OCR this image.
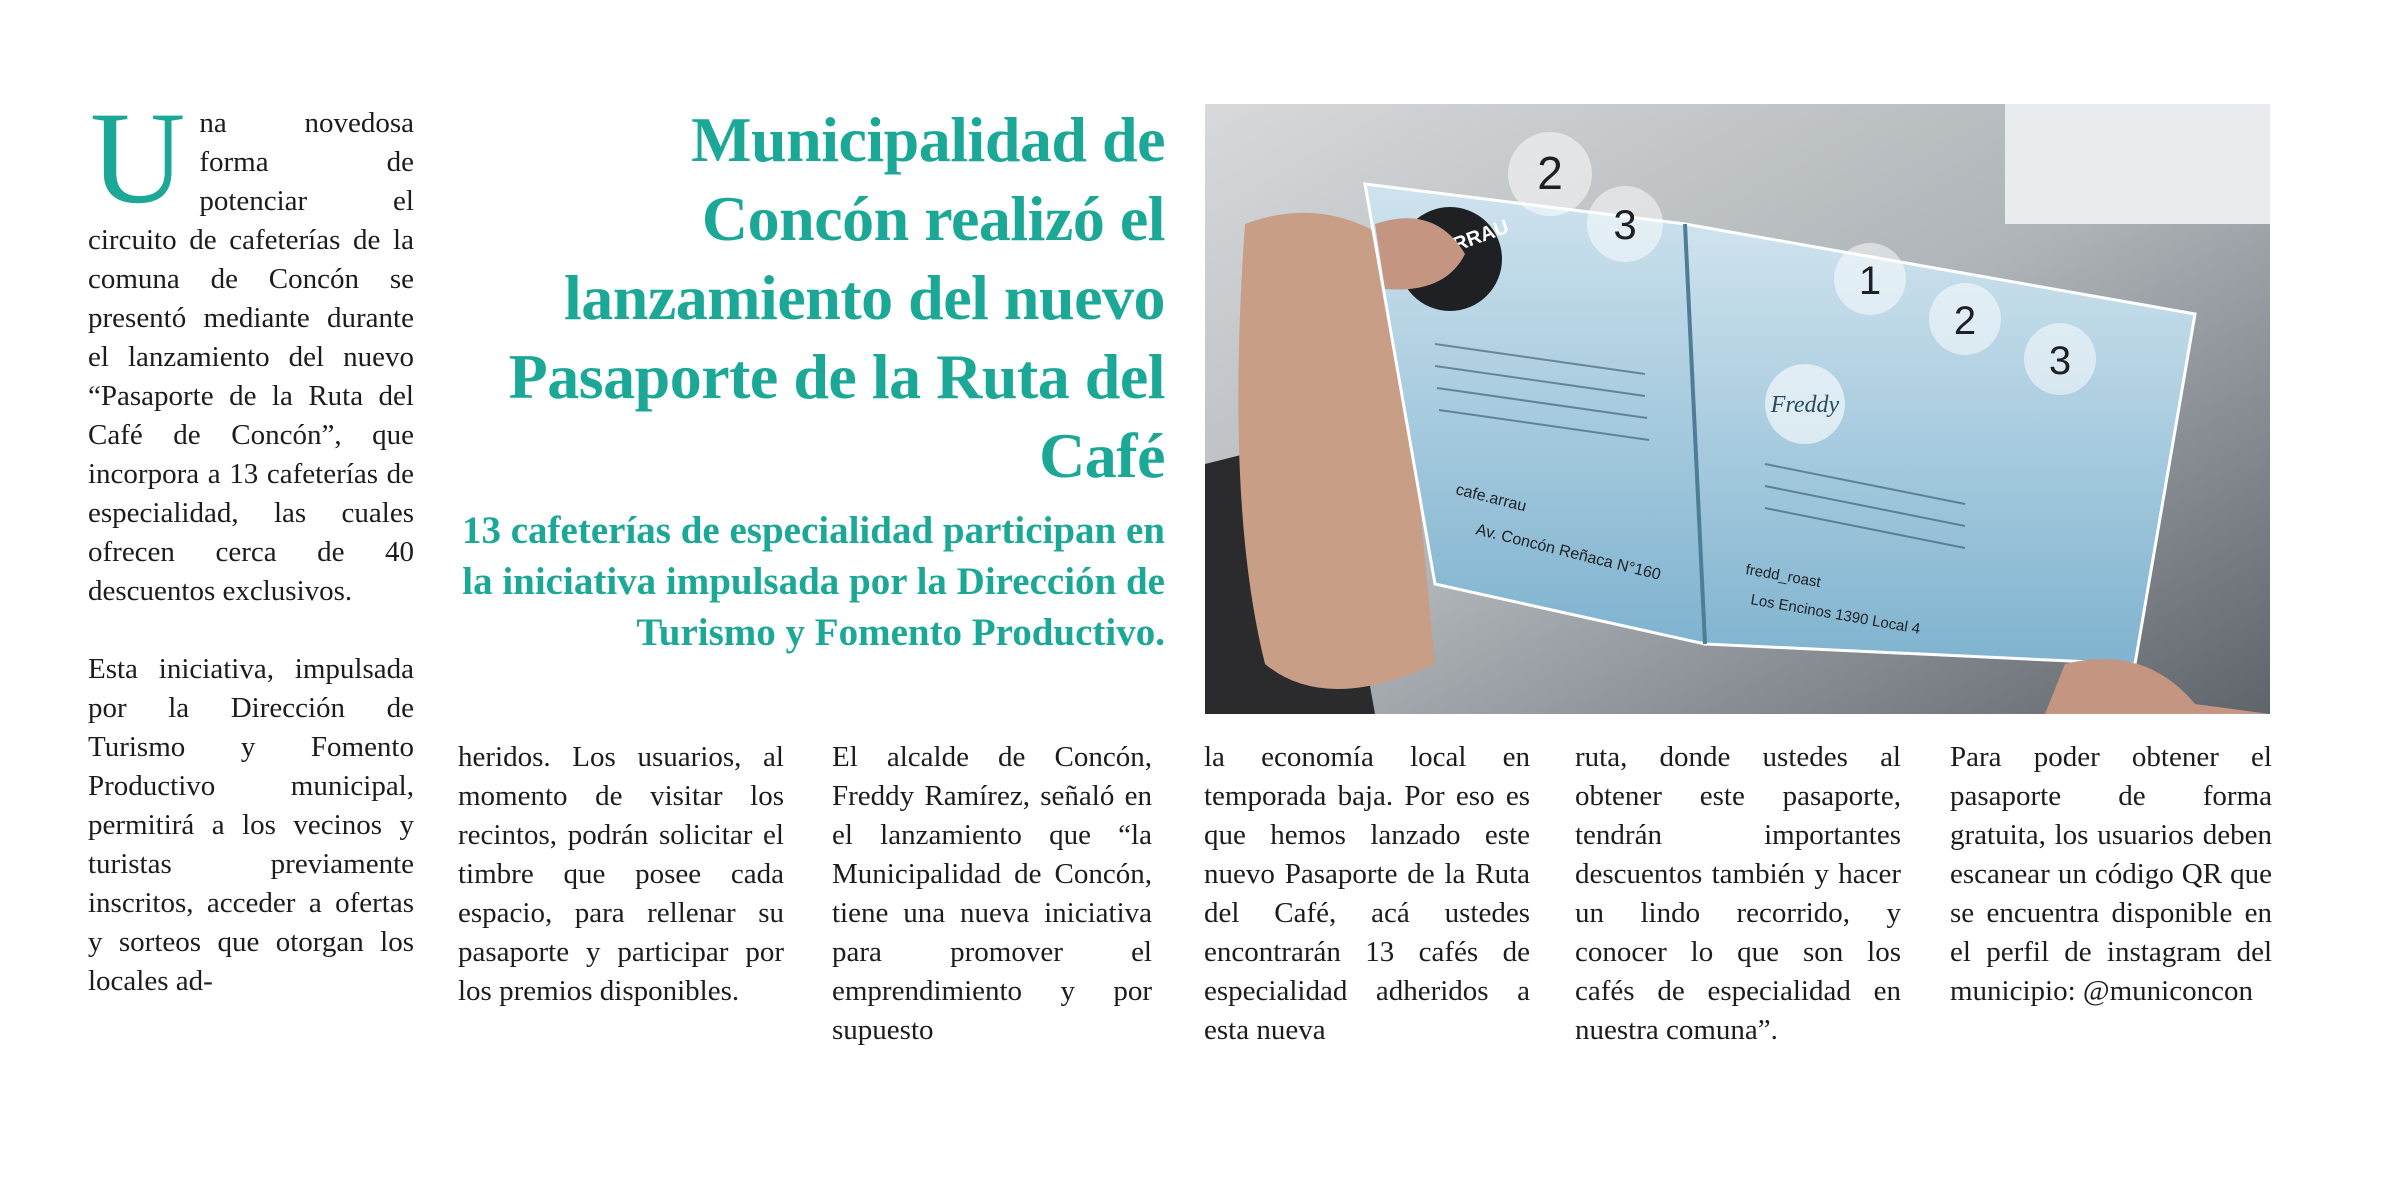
Una novedosa forma de potenciar el circuito de cafeterías de la comuna de Concón se presentó mediante durante el lanzamiento del nuevo “Pasaporte de la Ruta del Café de Concón”, que incorpora a 13 cafeterías de especialidad, las cuales ofrecen cerca de 40 descuentos exclusivos.

Esta iniciativa, impulsada por la Dirección de Turismo y Fomento Productivo municipal, permitirá a los vecinos y turistas previamente inscritos, acceder a ofertas y sorteos que otorgan los locales ad-

Municipalidad de Concón realizó el lanzamiento del nuevo Pasaporte de la Ruta del Café
13 cafeterías de especialidad participan en la iniciativa impulsada por la Dirección de Turismo y Fomento Productivo.
ARRAU
2
3
1
2
3
Freddy
cafe.arrau
Av. Concón Reñaca N°160	fredd_roast
Los Encinos 1390 Local 4

heridos. Los usuarios, al momento de visitar los recintos, podrán solicitar el timbre que posee cada espacio, para rellenar su pasaporte y participar por los premios disponibles.

El alcalde de Concón, Freddy Ramírez, señaló en el lanzamiento que “la Municipalidad de Concón, tiene una nueva iniciativa para promover el emprendimiento y por supuesto

la economía local en temporada baja. Por eso es que hemos lanzado este nuevo Pasaporte de la Ruta del Café, acá ustedes encontrarán 13 cafés de especialidad adheridos a esta nueva

ruta, donde ustedes al obtener este pasaporte, tendrán importantes descuentos también y hacer un lindo recorrido, y conocer lo que son los cafés de especialidad en nuestra comuna”.

Para poder obtener el pasaporte de forma gratuita, los usuarios deben escanear un código QR que se encuentra disponible en el perfil de instagram del municipio: @municoncon
